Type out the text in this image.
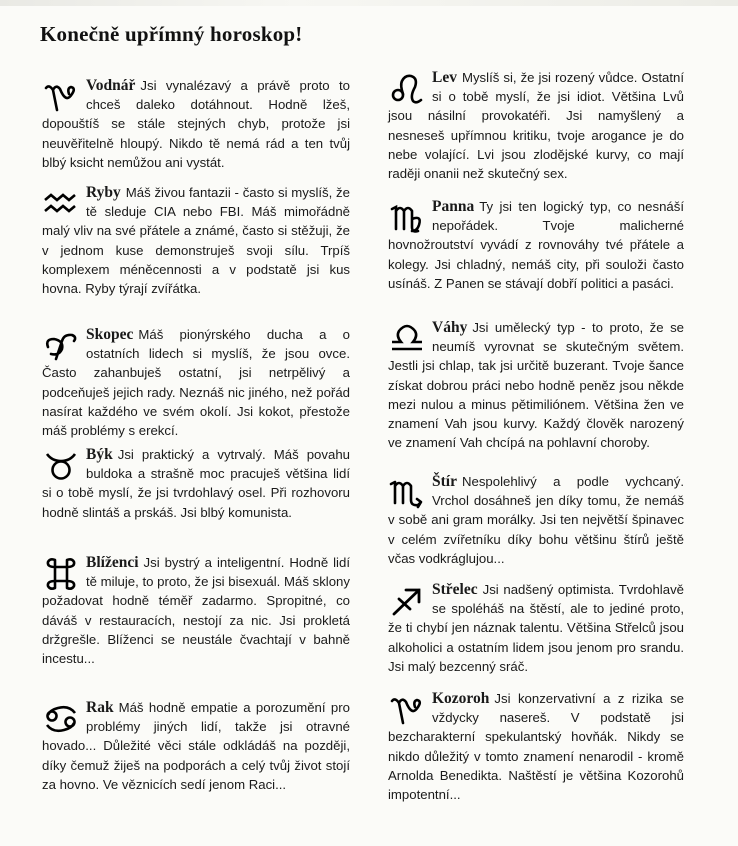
Konečně upřímný horoskop!
Vodnář Jsi vynalézavý a právě proto to chceš daleko dotáhnout. Hodně lžeš, dopouštíš se stále stejných chyb, protože jsi neuvěřitelně hloupý. Nikdo tě nemá rád a ten tvůj blbý ksicht nemůžou ani vystát.
Ryby Máš živou fantazii - často si myslíš, že tě sleduje CIA nebo FBI. Máš mimořádně malý vliv na své přátele a známé, často si stěžuji, že v jednom kuse demonstruješ svoji sílu. Trpíš komplexem méněcennosti a v podstatě jsi kus hovna. Ryby týrají zvířátka.
Skopec Máš pionýrského ducha a o ostatních lidech si myslíš, že jsou ovce. Často zahanbuješ ostatní, jsi netrpělivý a podceňuješ jejich rady. Neznáš nic jiného, než pořád nasírat každého ve svém okolí. Jsi kokot, přestože máš problémy s erekcí.
Býk Jsi praktický a vytrvalý. Máš povahu buldoka a strašně moc pracuješ většina lidí si o tobě myslí, že jsi tvrdohlavý osel. Při rozhovoru hodně slintáš a prskáš. Jsi blbý komunista.
Blíženci Jsi bystrý a inteligentní. Hodně lidí tě miluje, to proto, že jsi bisexuál. Máš sklony požadovat hodně téměř zadarmo. Spropitné, co dáváš v restauracích, nestojí za nic. Jsi prokletá držgrešle. Blíženci se neustále čvachtají v bahně incestu...
Rak Máš hodně empatie a porozumění pro problémy jiných lidí, takže jsi otravné hovado... Důležité věci stále odkládáš na později, díky čemuž žiješ na podporách a celý tvůj život stojí za hovno. Ve věznicích sedí jenom Raci...
Lev Myslíš si, že jsi rozený vůdce. Ostatní si o tobě myslí, že jsi idiot. Většina Lvů jsou násilní provokatéři. Jsi namyšlený a nesneseš upřímnou kritiku, tvoje arogance je do nebe volající. Lvi jsou zlodějské kurvy, co mají raději onanii než skutečný sex.
Panna Ty jsi ten logický typ, co nesnáší nepořádek. Tvoje malicherné hovnožroutství vyvádí z rovnováhy tvé přátele a kolegy. Jsi chladný, nemáš city, při souloži často usínáš. Z Panen se stávají dobří politici a pasáci.
Váhy Jsi umělecký typ - to proto, že se neumíš vyrovnat se skutečným světem. Jestli jsi chlap, tak jsi určitě buzerant. Tvoje šance získat dobrou práci nebo hodně peněz jsou někde mezi nulou a minus pětimiliónem. Většina žen ve znamení Vah jsou kurvy. Každý člověk narozený ve znamení Vah chcípá na pohlavní choroby.
Štír Nespolehlivý a podle vychcaný. Vrchol dosáhneš jen díky tomu, že nemáš v sobě ani gram morálky. Jsi ten největší špinavec v celém zvířetníku díky bohu většinu štírů ještě včas vodkráglujou...
Střelec Jsi nadšený optimista. Tvrdohlavě se spoléháš na štěstí, ale to jediné proto, že ti chybí jen náznak talentu. Většina Střelců jsou alkoholici a ostatním lidem jsou jenom pro srandu. Jsi malý bezcenný sráč.
Kozoroh Jsi konzervativní a z rizika se vždycky nasereš. V podstatě jsi bezcharakterní spekulantský hovňák. Nikdy se nikdo důležitý v tomto znamení nenarodil - kromě Arnolda Benedikta. Naštěstí je většina Kozorohů impotentní...
